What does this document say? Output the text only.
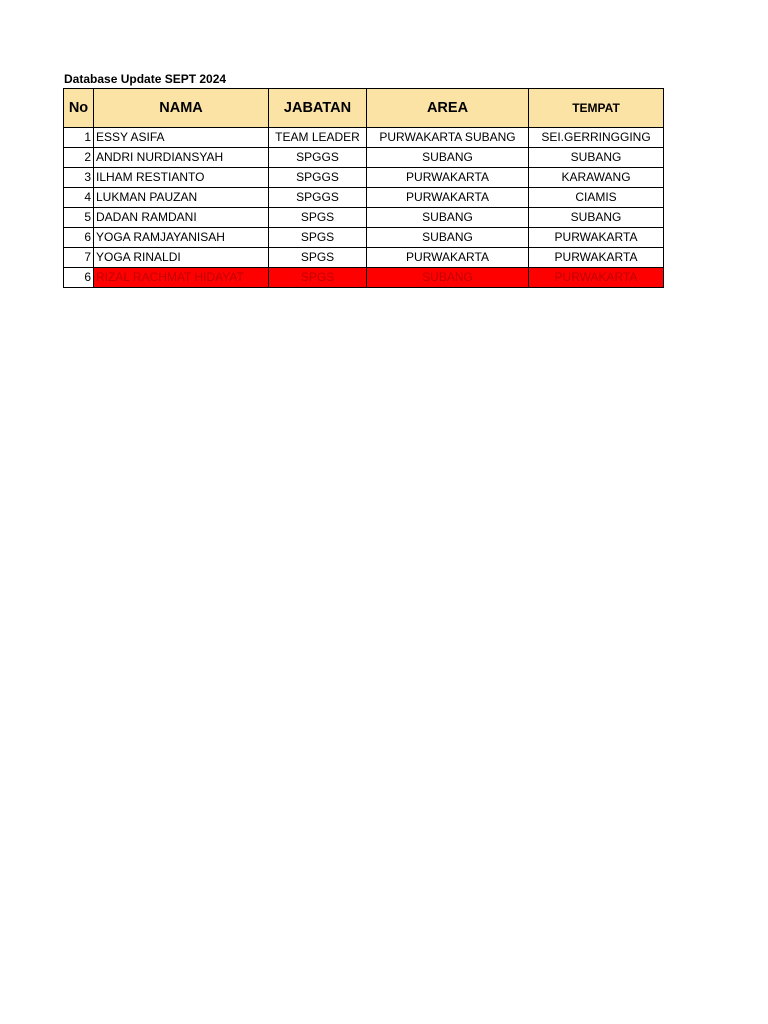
Database Update SEPT 2024
No	NAMA	JABATAN	AREA	TEMPAT
1	ESSY ASIFA	TEAM LEADER	PURWAKARTA SUBANG	SEI.GERRINGGING
2	ANDRI NURDIANSYAH	SPGGS	SUBANG	SUBANG
3	ILHAM RESTIANTO	SPGGS	PURWAKARTA	KARAWANG
4	LUKMAN PAUZAN	SPGGS	PURWAKARTA	CIAMIS
5	DADAN RAMDANI	SPGS	SUBANG	SUBANG
6	YOGA RAMJAYANISAH	SPGS	SUBANG	PURWAKARTA
7	YOGA RINALDI	SPGS	PURWAKARTA	PURWAKARTA
6	RIZAL RACHMAT HIDAYAT	SPGS	SUBANG	PURWAKARTA
